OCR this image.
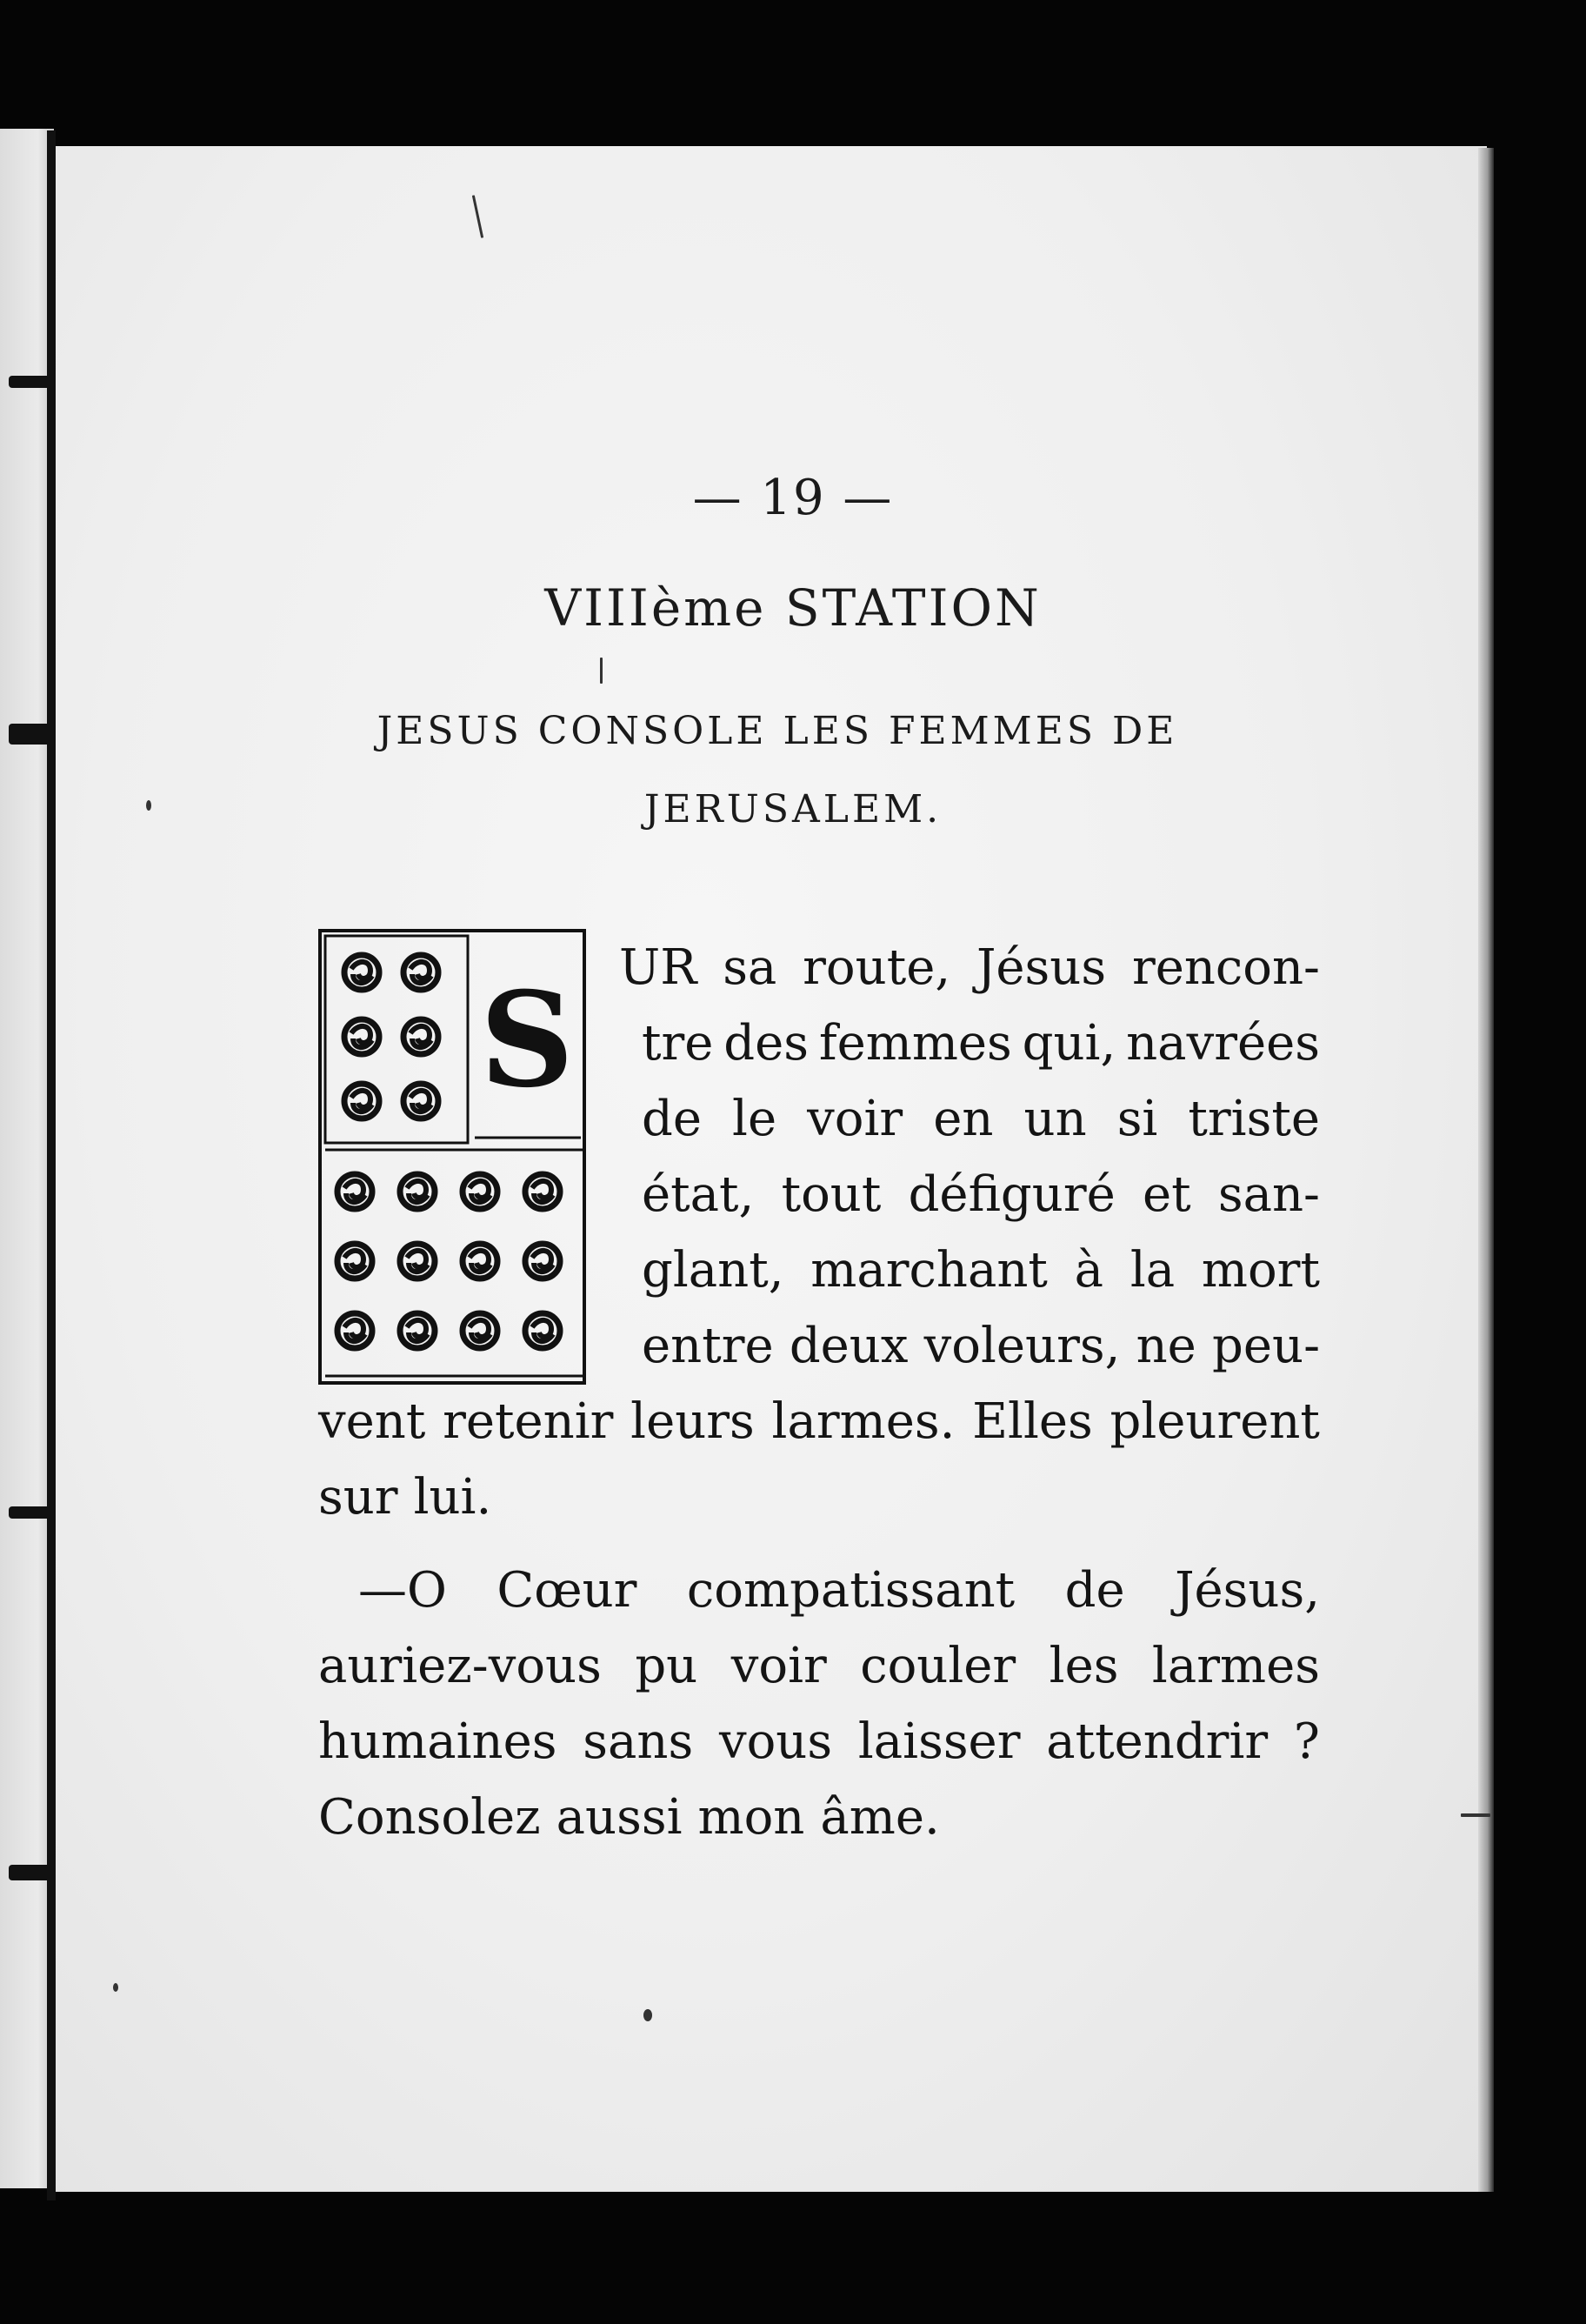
— 19 —
VIIIème STATION
JESUS CONSOLE LES FEMMES DE
JERUSALEM.
S UR sa route, Jésus rencon-
tre des femmes qui, navrées
de le voir en un si triste
état, tout défiguré et san-
glant, marchant à la mort
entre deux voleurs, ne peu-
vent retenir leurs larmes. Elles pleurent
sur lui.
—O Cœur compatissant de Jésus,
auriez-vous pu voir couler les larmes
humaines sans vous laisser attendrir ?
Consolez aussi mon âme.
